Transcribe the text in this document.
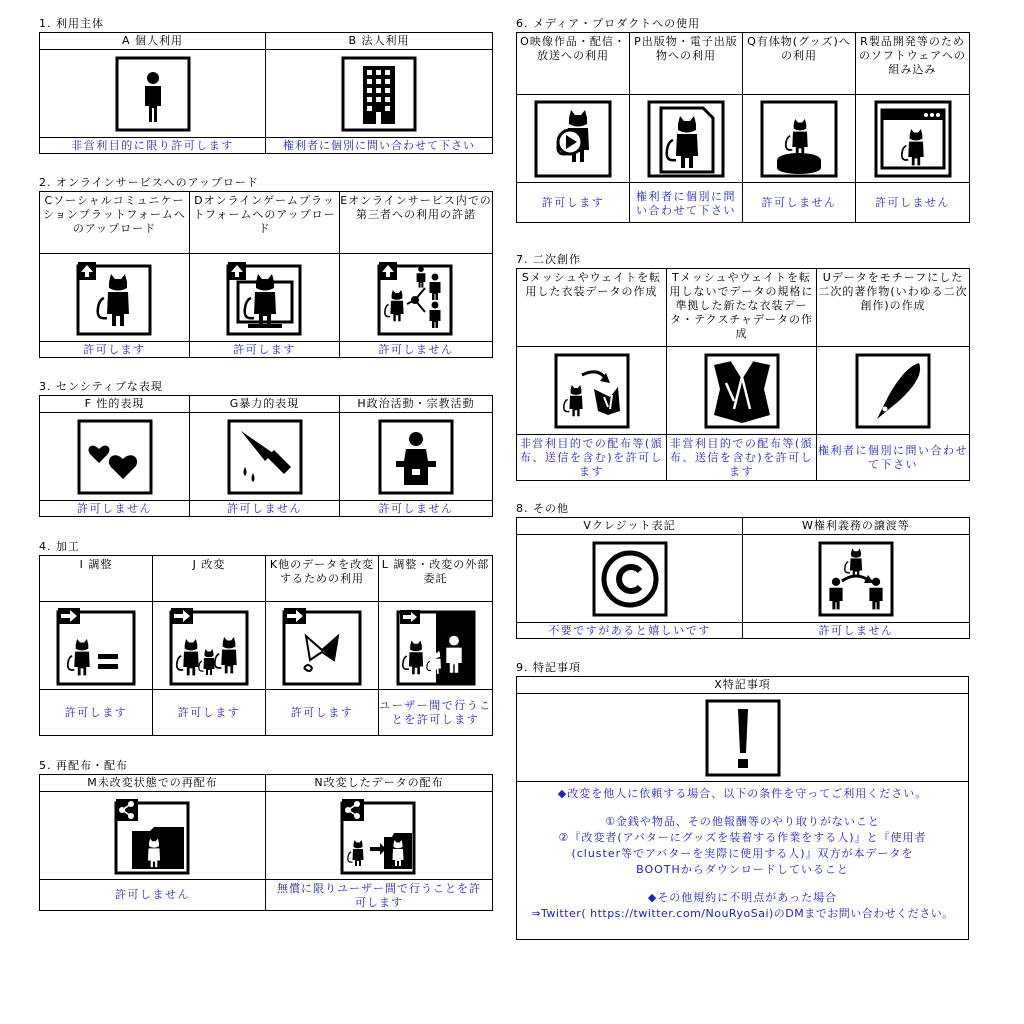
1. 利用主体
A 個人利用	B 法人利用

非営利目的に限り許可します	権利者に個別に問い合わせて下さい
2. オンラインサービスへのアップロード
Cソーシャルコミュニケーションプラットフォームへのアップロード	Dオンラインゲームプラットフォームへのアップロード	Eオンラインサービス内での第三者への利用の許諾

許可します	許可します	許可しません
3. センシティブな表現
F 性的表現	G暴力的表現	H政治活動・宗教活動

許可しません	許可しません	許可しません
4. 加工
I 調整	J 改変	K他のデータを改変するための利用	L 調整・改変の外部委託

許可します	許可します	許可します	ユーザー間で行うことを許可します
5. 再配布・配布
M未改変状態での再配布	N改変したデータの配布

許可しません	無償に限りユーザー間で行うことを許可します
6. メディア・プロダクトへの使用
O映像作品・配信・放送への利用	P出版物・電子出版物への利用	Q有体物(グッズ)への利用	R製品開発等のためのソフトウェアへの組み込み

許可します	権利者に個別に問い合わせて下さい	許可しません	許可しません
7. 二次創作
Sメッシュやウェイトを転用した衣装データの作成	Tメッシュやウェイトを転用しないでデータの規格に準拠した新たな衣装データ・テクスチャデータの作成	Uデータをモチーフにした二次的著作物(いわゆる二次創作)の作成

非営利目的での配布等(頒布、送信を含む)を許可します	非営利目的での配布等(頒布、送信を含む)を許可します	権利者に個別に問い合わせて下さい
8. その他
Vクレジット表記	W権利義務の譲渡等

不要ですがあると嬉しいです	許可しません
9. 特記事項
X特記事項

◆改変を他人に依頼する場合、以下の条件を守ってご利用ください。
①金銭や物品、その他報酬等のやり取りがないこと
②『改変者(アバターにグッズを装着する作業をする人)』と『使用者(cluster等でアバターを実際に使用する人)』双方が本データをBOOTHからダウンロードしていること
◆その他規約に不明点があった場合
⇒Twitter( https://twitter.com/NouRyoSai)のDMまでお問い合わせください。
